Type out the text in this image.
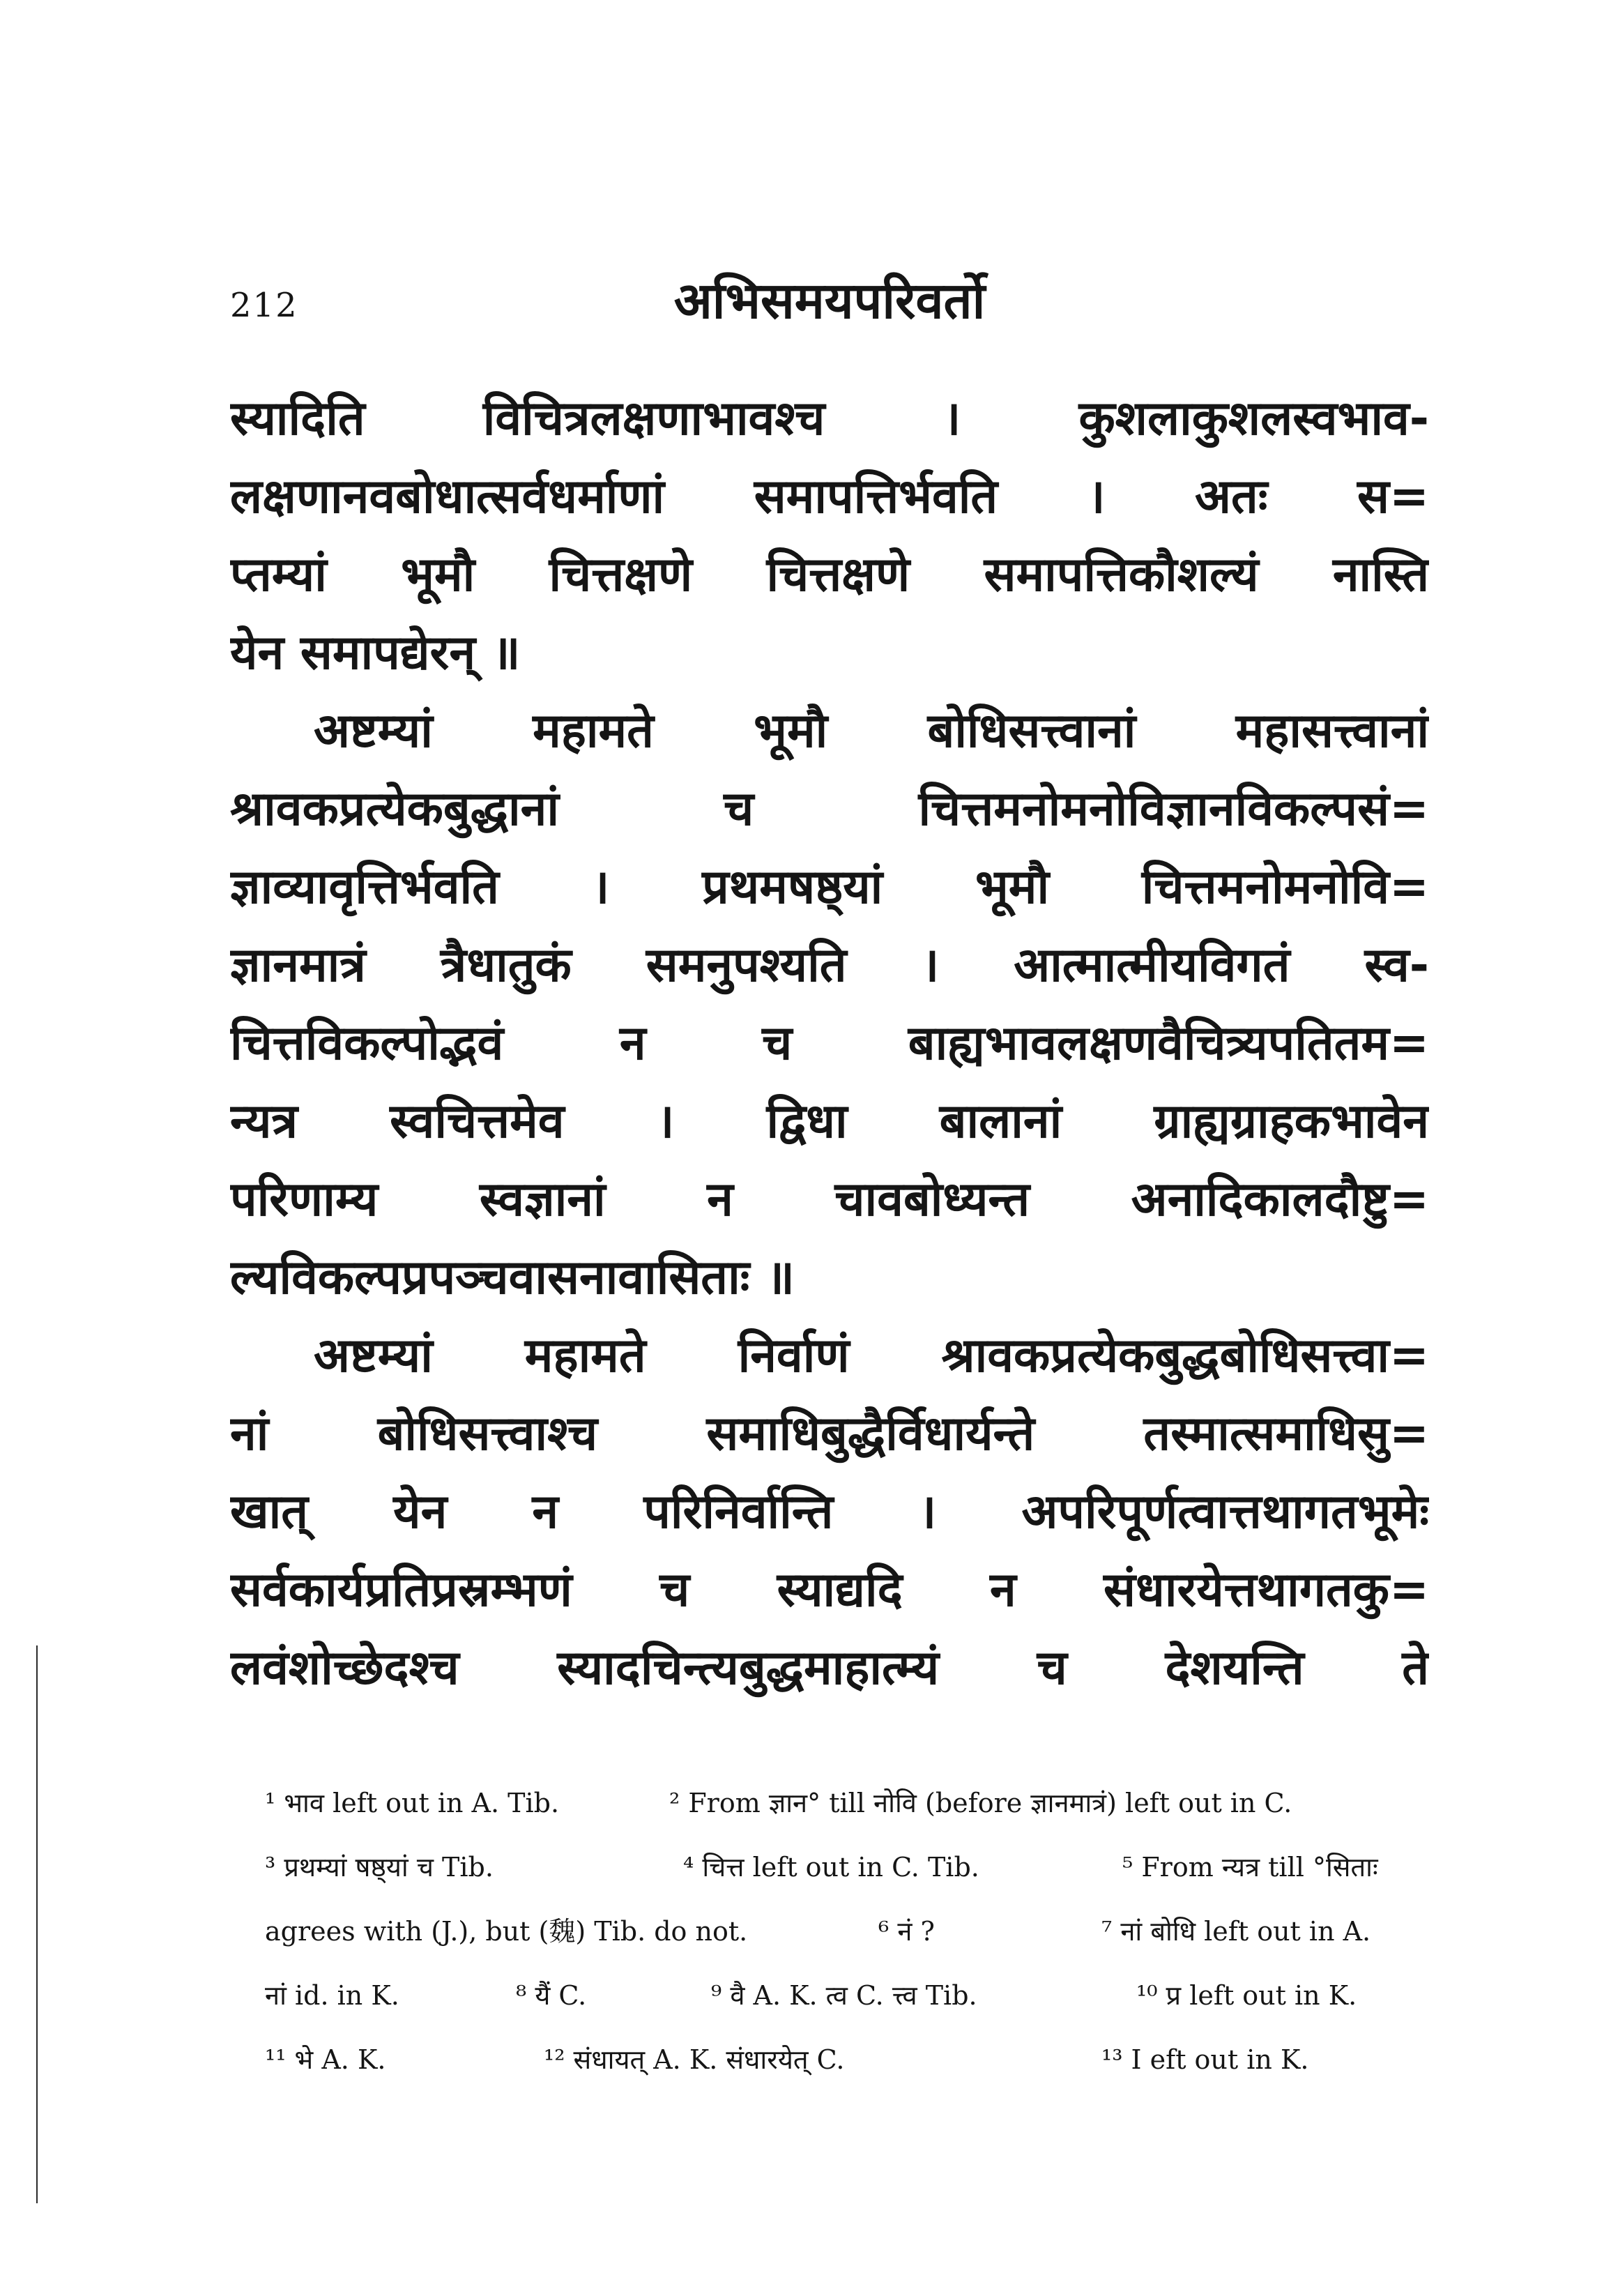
212	अभिसमयपरिवर्तो
स्यादिति विचित्रलक्षणाभावश्च । कुशलाकुशलस्वभाव-
लक्षणानवबोधात्सर्वधर्माणां समापत्तिर्भवति । अतः स=
प्तम्यां भूमौ चित्तक्षणे चित्तक्षणे समापत्तिकौशल्यं नास्ति
येन समापद्येरन् ॥
अष्टम्यां महामते भूमौ बोधिसत्त्वानां महासत्त्वानां
श्रावकप्रत्येकबुद्धानां च चित्तमनोमनोविज्ञानविकल्पसं=
ज्ञाव्यावृत्तिर्भवति । प्रथमषष्ठ्यां भूमौ चित्तमनोमनोवि=
ज्ञानमात्रं त्रैधातुकं समनुपश्यति । आत्मात्मीयविगतं स्व-
चित्तविकल्पोद्भवं न च बाह्यभावलक्षणवैचित्र्यपतितम=
न्यत्र स्वचित्तमेव । द्विधा बालानां ग्राह्यग्राहकभावेन
परिणाम्य स्वज्ञानां न चावबोध्यन्त अनादिकालदौष्टु=
ल्यविकल्पप्रपञ्चवासनावासिताः ॥
अष्टम्यां महामते निर्वाणं श्रावकप्रत्येकबुद्धबोधिसत्त्वा=
नां बोधिसत्त्वाश्च समाधिबुद्धैर्विधार्यन्ते तस्मात्समाधिसु=
खात् येन न परिनिर्वान्ति । अपरिपूर्णत्वात्तथागतभूमेः
सर्वकार्यप्रतिप्रस्रम्भणं च स्याद्यदि न संधारयेत्तथागतकु=
लवंशोच्छेदश्च स्यादचिन्त्यबुद्धमाहात्म्यं च देशयन्ति ते
¹ भाव left out in A. Tib.	² From ज्ञान° till नोवि (before ज्ञानमात्रं) left out in C.
³ प्रथम्यां षष्ठ्यां च Tib.	⁴ चित्त left out in C. Tib.	⁵ From न्यत्र till °सिताः
agrees with (J.), but (魏) Tib. do not.	⁶ नं ?	⁷ नां बोधि left out in A.
नां id. in K.	⁸ यैं C.	⁹ वै A. K. त्व C. त्त्व Tib.	¹⁰ प्र left out in K.
¹¹ भे A. K.	¹² संधायत् A. K. संधारयेत् C.	¹³ I eft out in K.
